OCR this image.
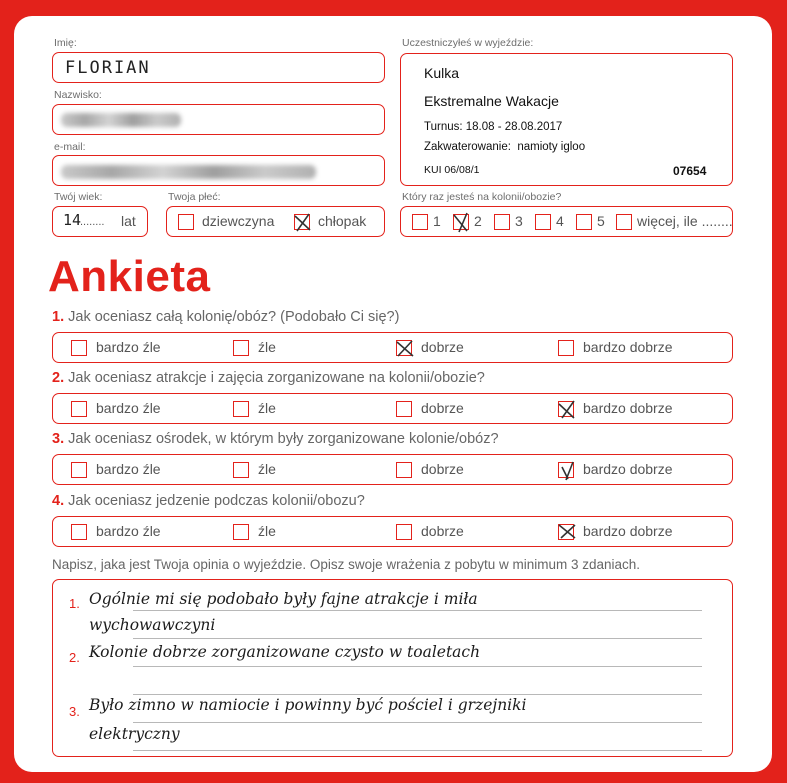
Imię:
FLORIAN
Nazwisko:
e-mail:
Twój wiek:
14
........ lat
Twoja płeć:
dziewczyna	chłopak
Uczestniczyłeś w wyjeździe:
Kulka
Ekstremalne Wakacje
Turnus: 18.08 - 28.08.2017
Zakwaterowanie: namioty igloo
KUI 06/08/1	07654
Który raz jesteś na kolonii/obozie?
1 2 3 4 5 więcej, ile ........
Ankieta
1. Jak oceniasz całą kolonię/obóz? (Podobało Ci się?)
bardzo źle	źle	dobrze	bardzo dobrze
2. Jak oceniasz atrakcje i zajęcia zorganizowane na kolonii/obozie?
bardzo źle	źle	dobrze	bardzo dobrze
3. Jak oceniasz ośrodek, w którym były zorganizowane kolonie/obóz?
bardzo źle	źle	dobrze	bardzo dobrze
4. Jak oceniasz jedzenie podczas kolonii/obozu?
bardzo źle	źle	dobrze	bardzo dobrze
Napisz, jaka jest Twoja opinia o wyjeździe. Opisz swoje wrażenia z pobytu w minimum 3 zdaniach.
1. Ogólnie mi się podobało były fajne atrakcje i miła
wychowawczyni
2. Kolonie dobrze zorganizowane czysto w toaletach
3. Było zimno w namiocie i powinny być pościel i grzejniki
elektryczny
